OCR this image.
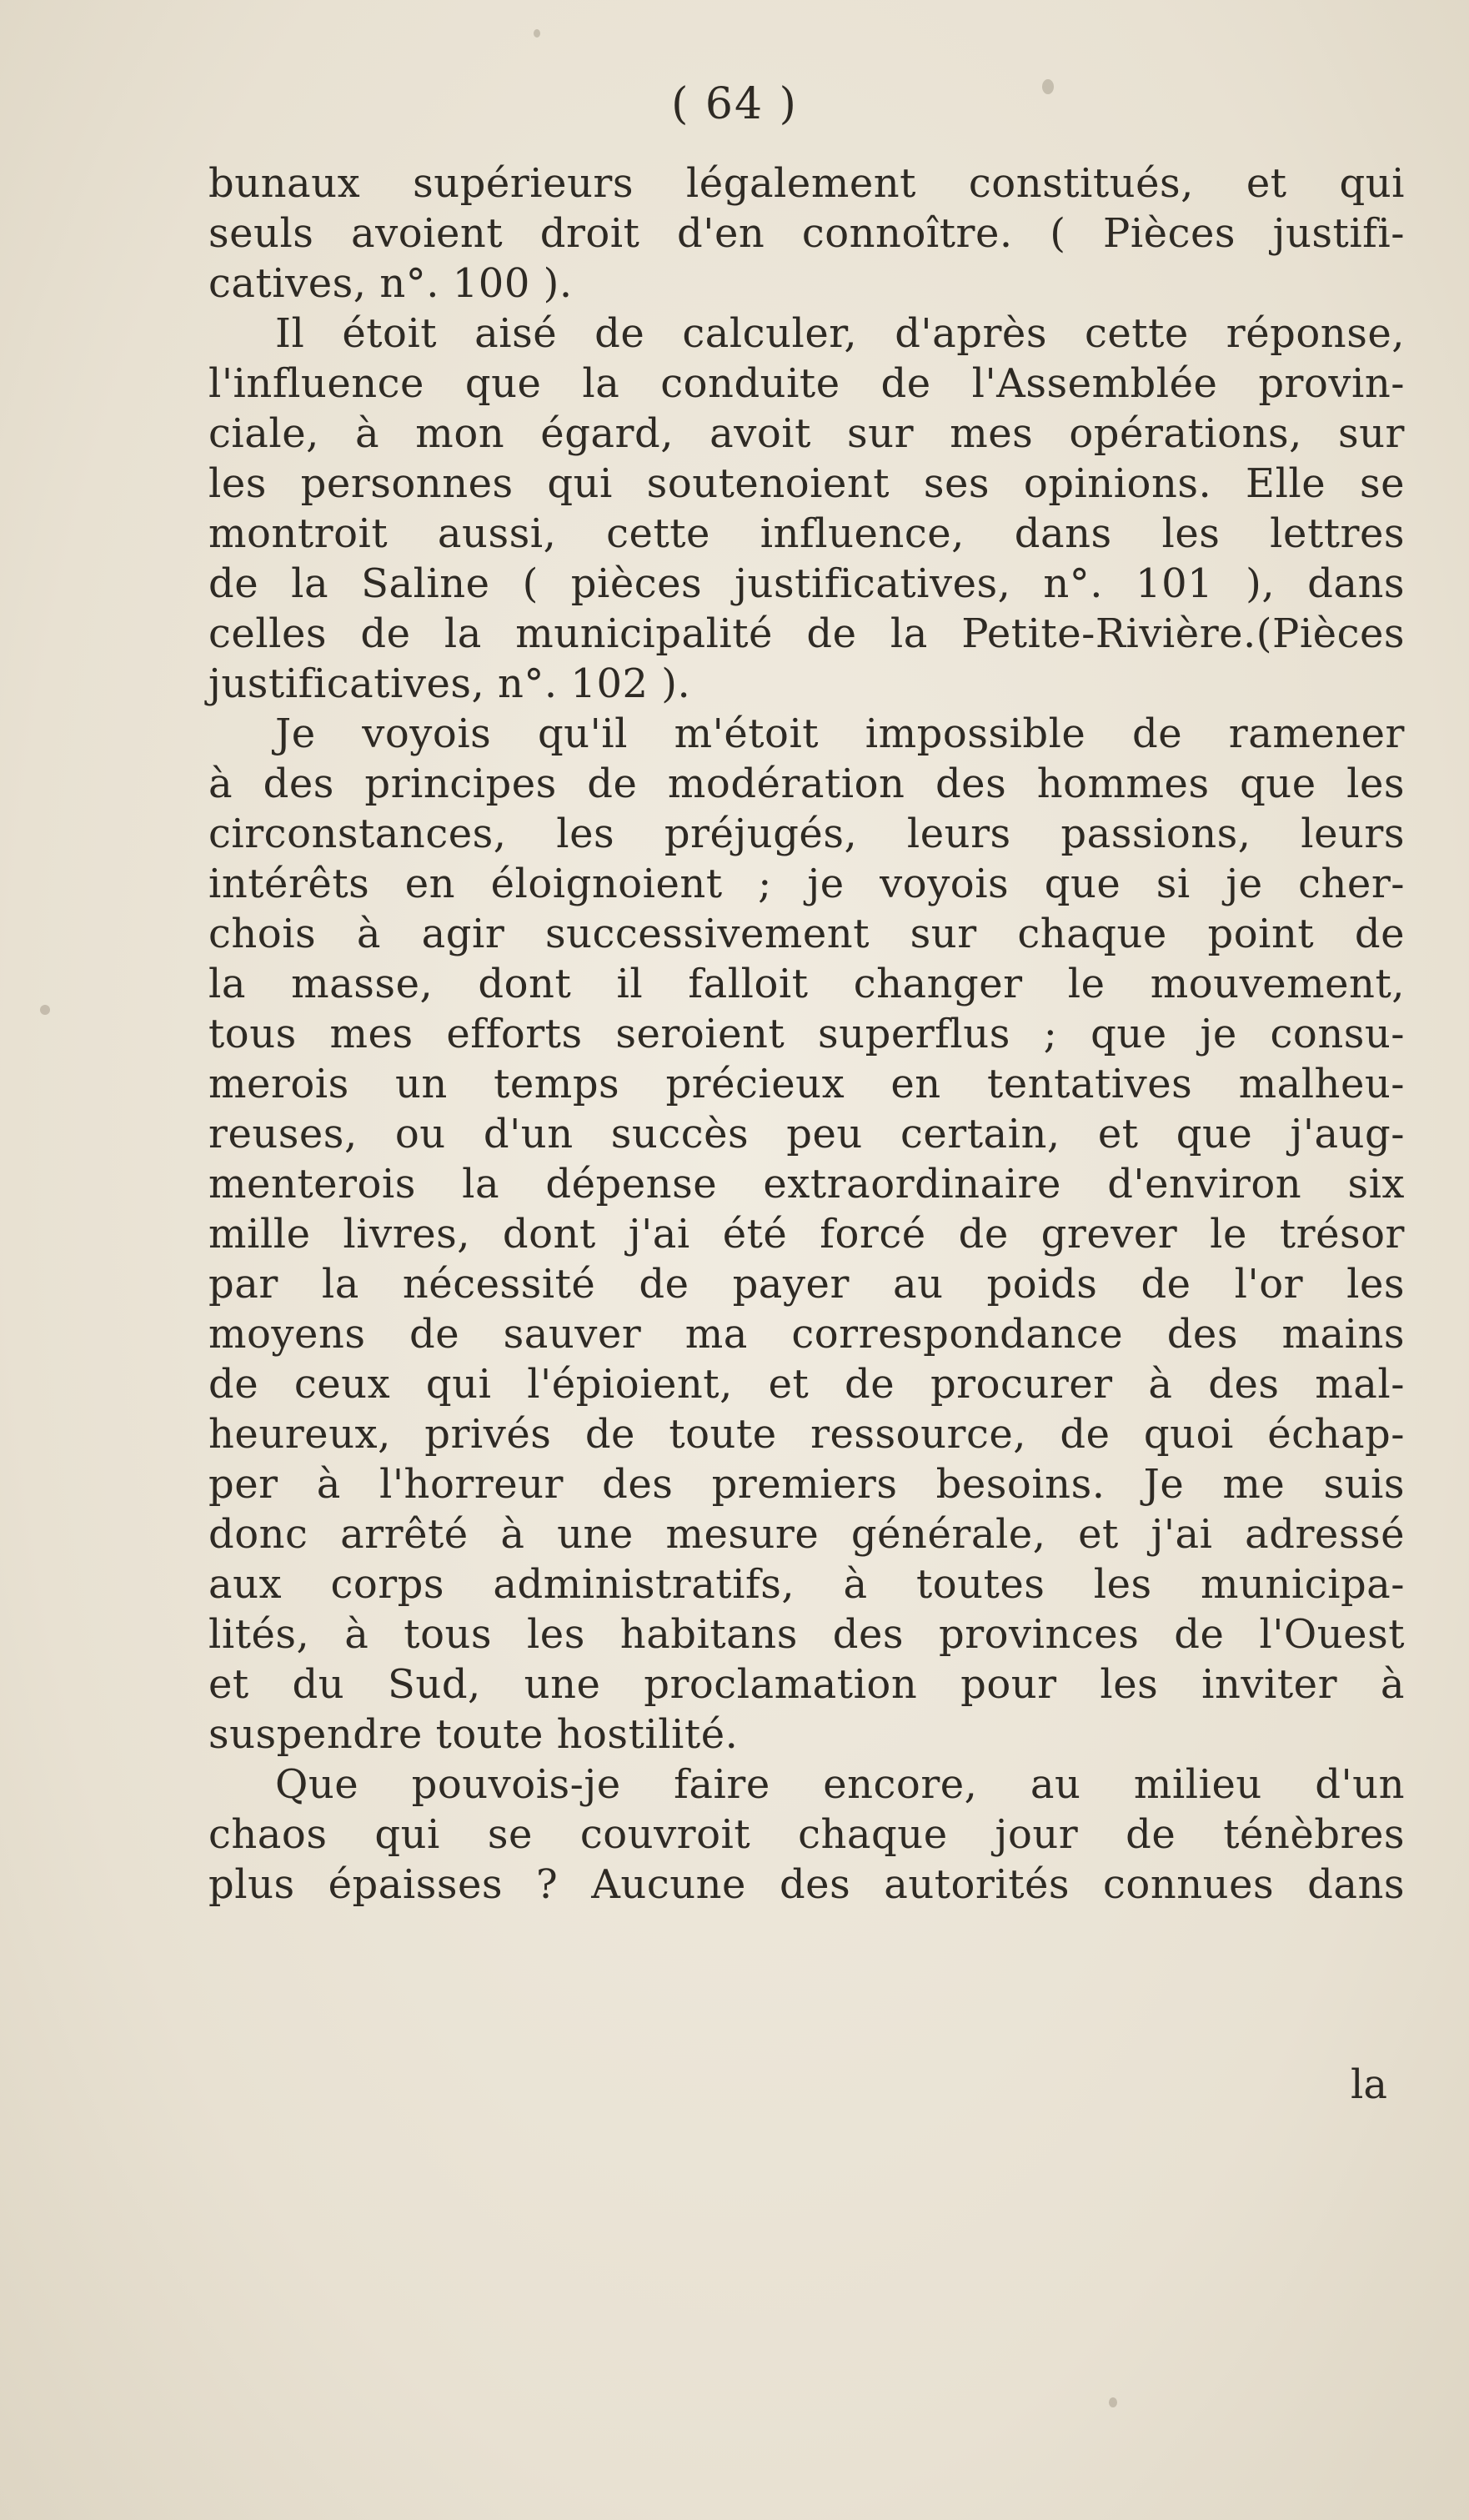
( 64 )
bunaux supérieurs légalement constitués, et qui
seuls avoient droit d'en connoître. ( Pièces justifi-
catives, n°. 100 ).
Il étoit aisé de calculer, d'après cette réponse,
l'influence que la conduite de l'Assemblée provin-
ciale, à mon égard, avoit sur mes opérations, sur
les personnes qui soutenoient ses opinions. Elle se
montroit aussi, cette influence, dans les lettres
de la Saline ( pièces justificatives, n°. 101 ), dans
celles de la municipalité de la Petite-Rivière.(Pièces
justificatives, n°. 102 ).
Je voyois qu'il m'étoit impossible de ramener
à des principes de modération des hommes que les
circonstances, les préjugés, leurs passions, leurs
intérêts en éloignoient ; je voyois que si je cher-
chois à agir successivement sur chaque point de
la masse, dont il falloit changer le mouvement,
tous mes efforts seroient superflus ; que je consu-
merois un temps précieux en tentatives malheu-
reuses, ou d'un succès peu certain, et que j'aug-
menterois la dépense extraordinaire d'environ six
mille livres, dont j'ai été forcé de grever le trésor
par la nécessité de payer au poids de l'or les
moyens de sauver ma correspondance des mains
de ceux qui l'épioient, et de procurer à des mal-
heureux, privés de toute ressource, de quoi échap-
per à l'horreur des premiers besoins. Je me suis
donc arrêté à une mesure générale, et j'ai adressé
aux corps administratifs, à toutes les municipa-
lités, à tous les habitans des provinces de l'Ouest
et du Sud, une proclamation pour les inviter à
suspendre toute hostilité.
Que pouvois-je faire encore, au milieu d'un
chaos qui se couvroit chaque jour de ténèbres
plus épaisses ? Aucune des autorités connues dans
la
